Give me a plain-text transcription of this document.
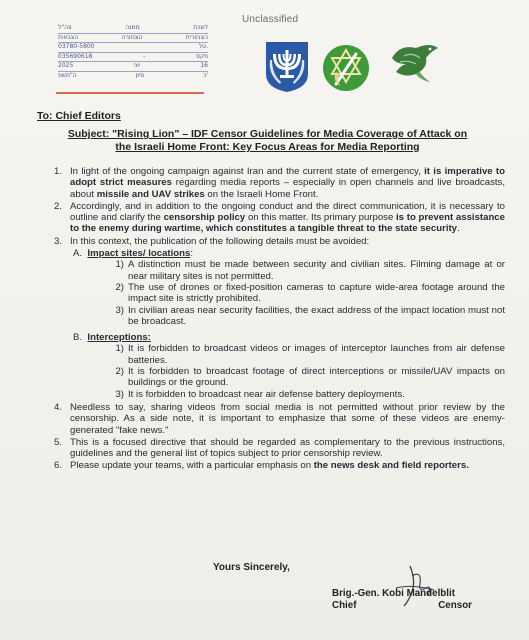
צה"ל	ממנה	לשכת
הצבאית	הצנזורה	הצנזורית
03780-5800	טל.
035690618	-	פקס
2025	יוני	16
ה"תשפ	סיון	כ'
Unclassified
To: Chief Editors
Subject: "Rising Lion" – IDF Censor Guidelines for Media Coverage of Attack on
the Israeli Home Front: Key Focus Areas for Media Reporting
1. In light of the ongoing campaign against Iran and the current state of emergency, it is imperative to adopt strict measures regarding media reports – especially in open channels and live broadcasts, about missile and UAV strikes on the Israeli Home Front.
2. Accordingly, and in addition to the ongoing conduct and the direct communication, it is necessary to outline and clarify the censorship policy on this matter. Its primary purpose is to prevent assistance to the enemy during wartime, which constitutes a tangible threat to the state security.
3. In this context, the publication of the following details must be avoided:
A. Impact sites/ locations:
1) A distinction must be made between security and civilian sites. Filming damage at or near military sites is not permitted.
2) The use of drones or fixed-position cameras to capture wide-area footage around the impact site is strictly prohibited.
3) In civilian areas near security facilities, the exact address of the impact location must not be broadcast.
B. Interceptions:
1) It is forbidden to broadcast videos or images of interceptor launches from air defense batteries.
2) It is forbidden to broadcast footage of direct interceptions or missile/UAV impacts on buildings or the ground.
3) It is forbidden to broadcast near air defense battery deployments.
4. Needless to say, sharing videos from social media is not permitted without prior review by the censorship. As a side note, it is important to emphasize that some of these videos are enemy-generated "fake news."
5. This is a focused directive that should be regarded as complementary to the previous instructions, guidelines and the general list of topics subject to prior censorship review.
6. Please update your teams, with a particular emphasis on the news desk and field reporters.
Yours Sincerely,
Brig.-Gen. Kobi Mandelblit
Chief	Censor
